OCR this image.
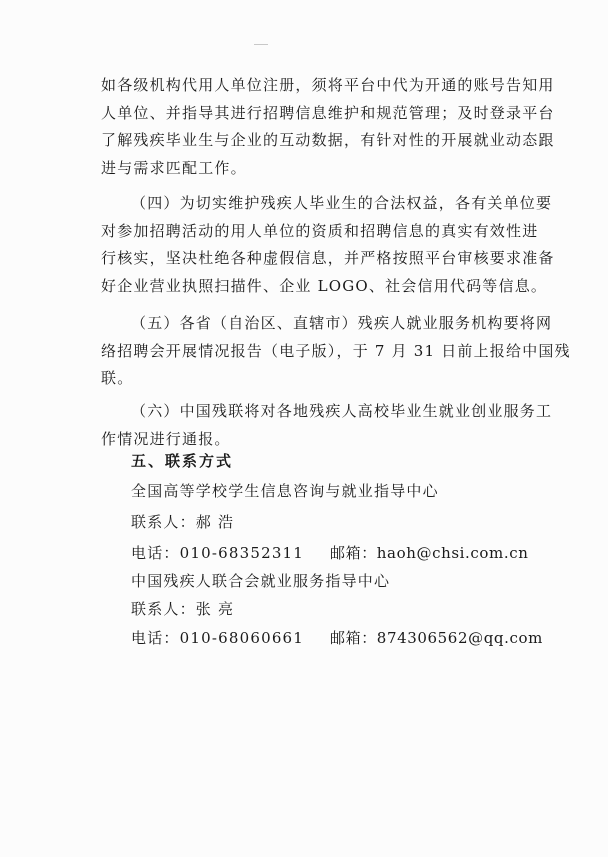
如各级机构代用人单位注册，须将平台中代为开通的账号告知用
人单位、并指导其进行招聘信息维护和规范管理；及时登录平台
了解残疾毕业生与企业的互动数据，有针对性的开展就业动态跟
进与需求匹配工作。
（四）为切实维护残疾人毕业生的合法权益，各有关单位要
对参加招聘活动的用人单位的资质和招聘信息的真实有效性进
行核实，坚决杜绝各种虚假信息，并严格按照平台审核要求准备
好企业营业执照扫描件、企业 LOGO、社会信用代码等信息。
（五）各省（自治区、直辖市）残疾人就业服务机构要将网
络招聘会开展情况报告（电子版），于 7 月 31 日前上报给中国残
联。
（六）中国残联将对各地残疾人高校毕业生就业创业服务工
作情况进行通报。
五、联系方式
全国高等学校学生信息咨询与就业指导中心
联系人：郝 浩
电话：010-68352311 邮箱：haoh@chsi.com.cn
中国残疾人联合会就业服务指导中心
联系人：张 亮
电话：010-68060661 邮箱：874306562@qq.com
